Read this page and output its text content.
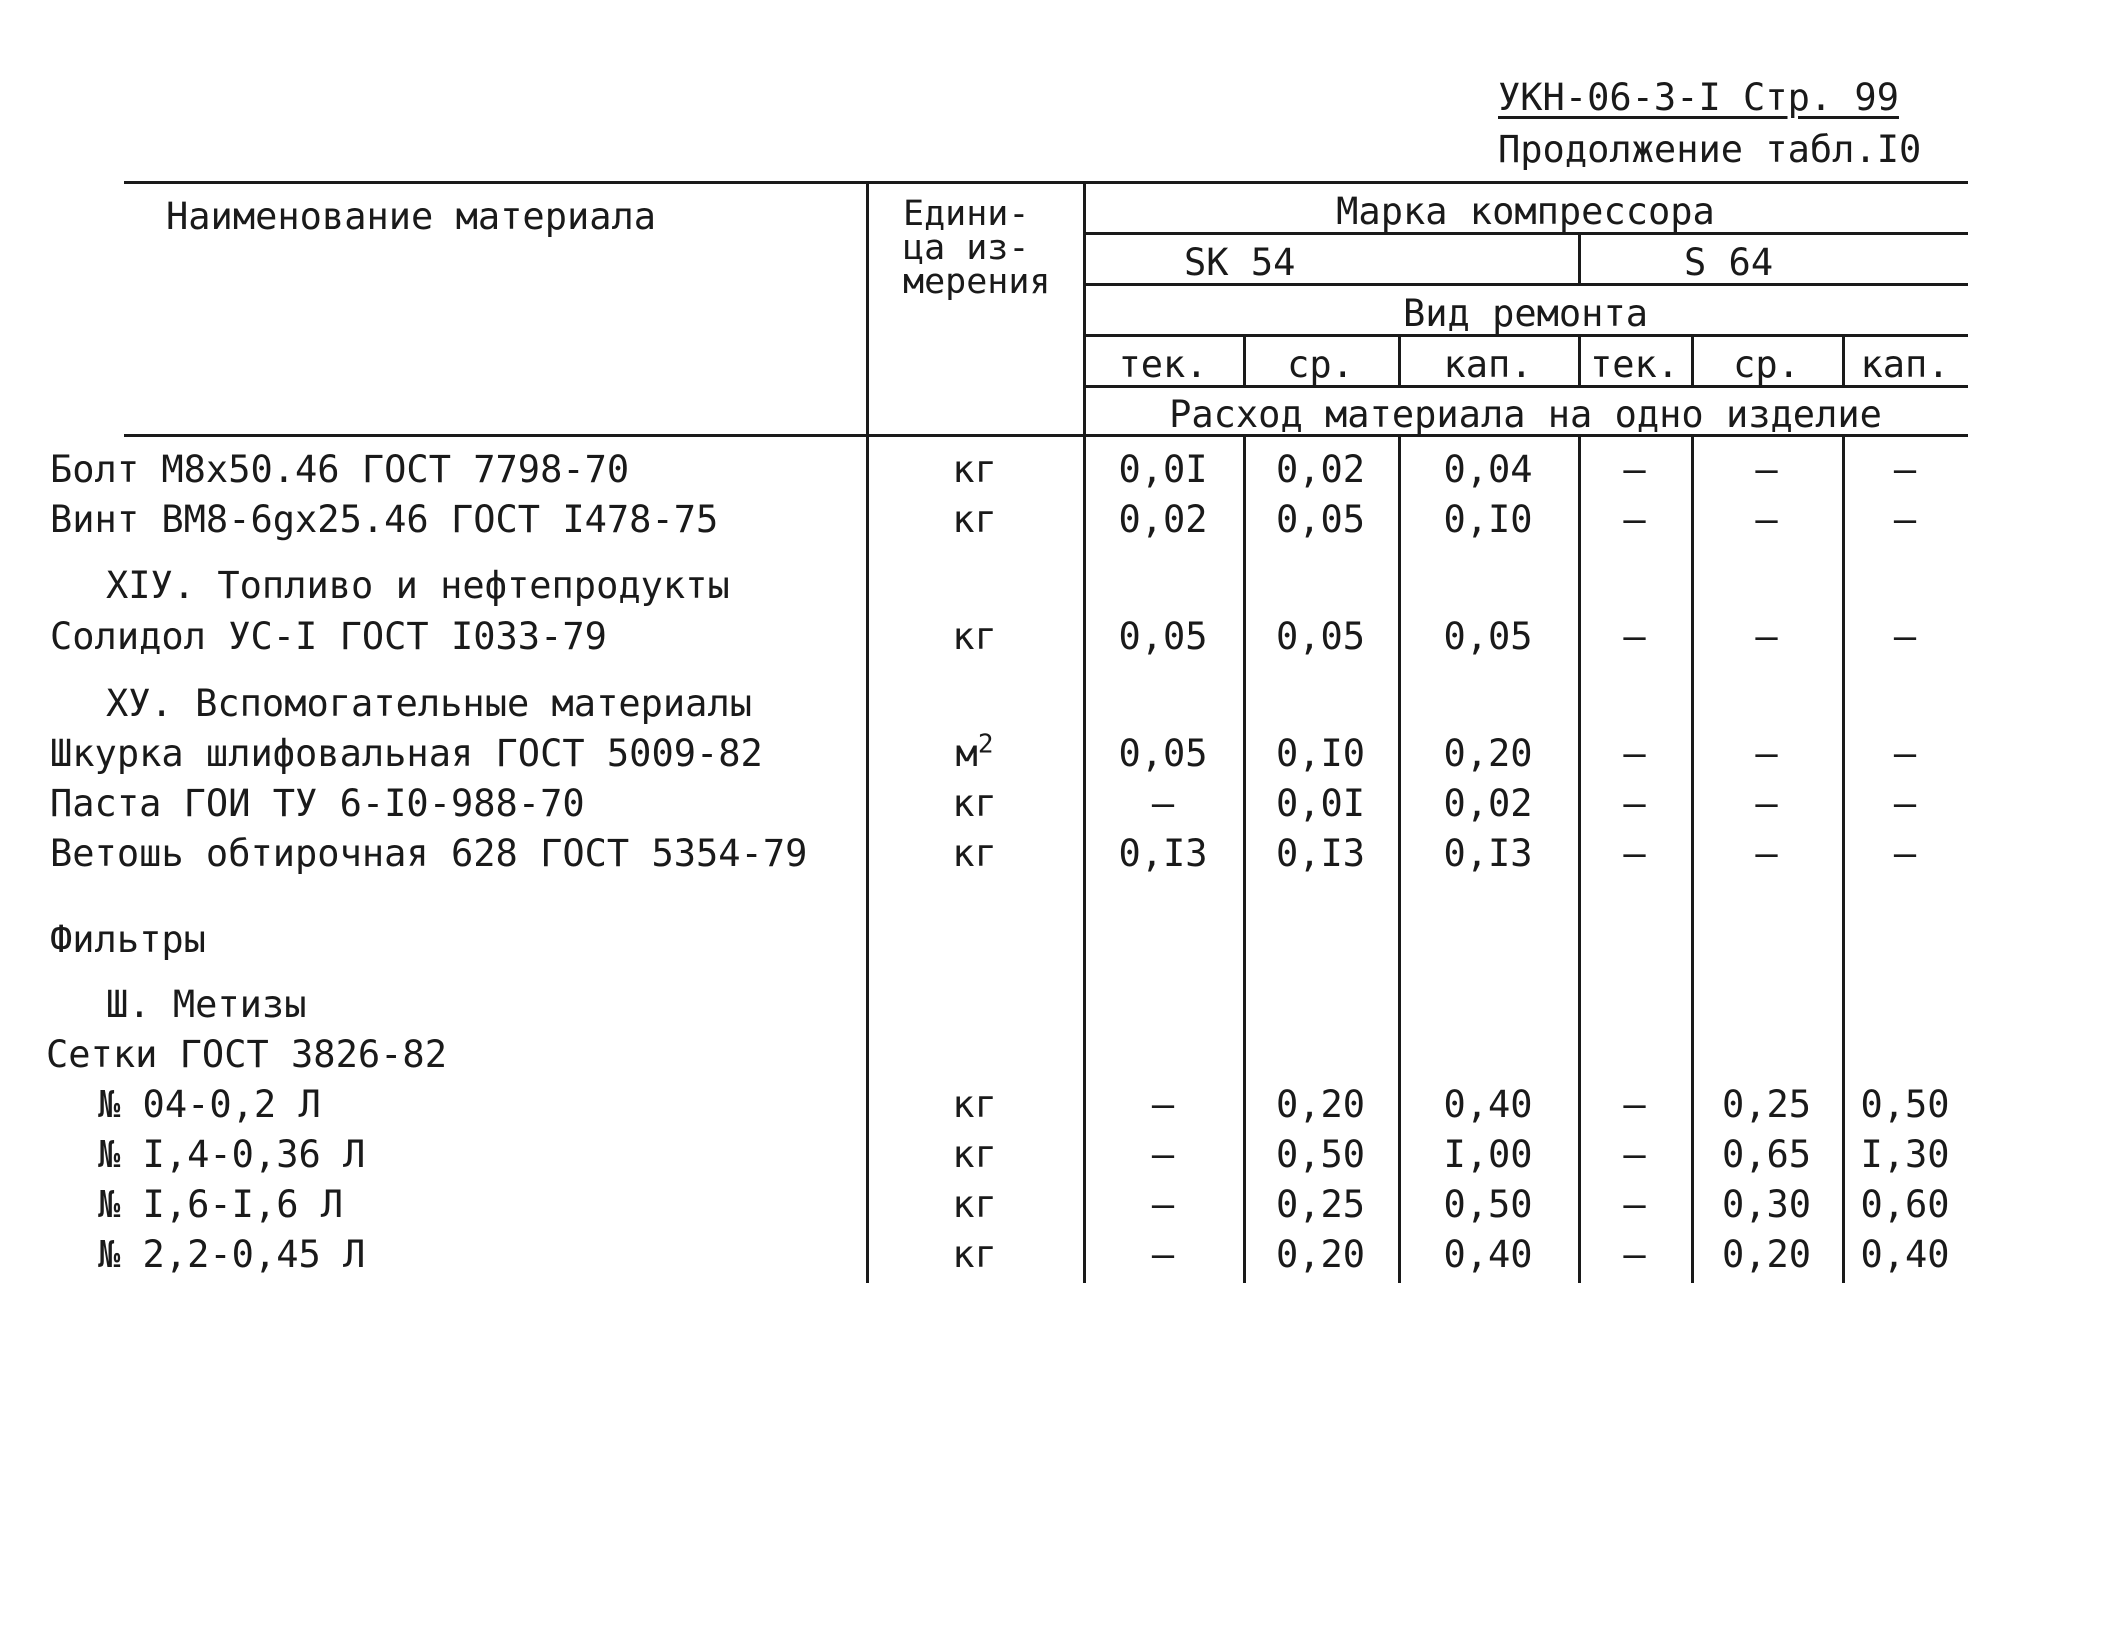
УКН-06-3-I Стр. 99
Продолжение табл.I0
Наименование материала	Едини-
ца из-
мерения
Марка компрессора
SK 54	S 64
Вид ремонта
тек.	ср.	кап.	тек.	ср.	кап.
Расход материала на одно изделие
Болт М8х50.46 ГОСТ 7798-70	кг	0,0I	0,02	0,04	–	–	–
Винт ВМ8-6gх25.46 ГОСТ I478-75	кг	0,02	0,05	0,I0	–	–	–
XIУ. Топливо и нефтепродукты
Солидол УС-I ГОСТ I033-79	кг	0,05	0,05	0,05	–	–	–
ХУ. Вспомогательные материалы
Шкурка шлифовальная ГОСТ 5009-82	$м^2$	0,05	0,I0	0,20	–	–	–
Паста ГОИ ТУ 6-I0-988-70	кг	–	0,0I	0,02	–	–	–
Ветошь обтирочная 628 ГОСТ 5354-79	кг	0,I3	0,I3	0,I3	–	–	–
Фильтры
Ш. Метизы
Сетки ГОСТ 3826-82
№ 04-0,2 Л	кг	–	0,20	0,40	–	0,25	0,50
№ I,4-0,36 Л	кг	–	0,50	I,00	–	0,65	I,30
№ I,6-I,6 Л	кг	–	0,25	0,50	–	0,30	0,60
№ 2,2-0,45 Л	кг	–	0,20	0,40	–	0,20	0,40
